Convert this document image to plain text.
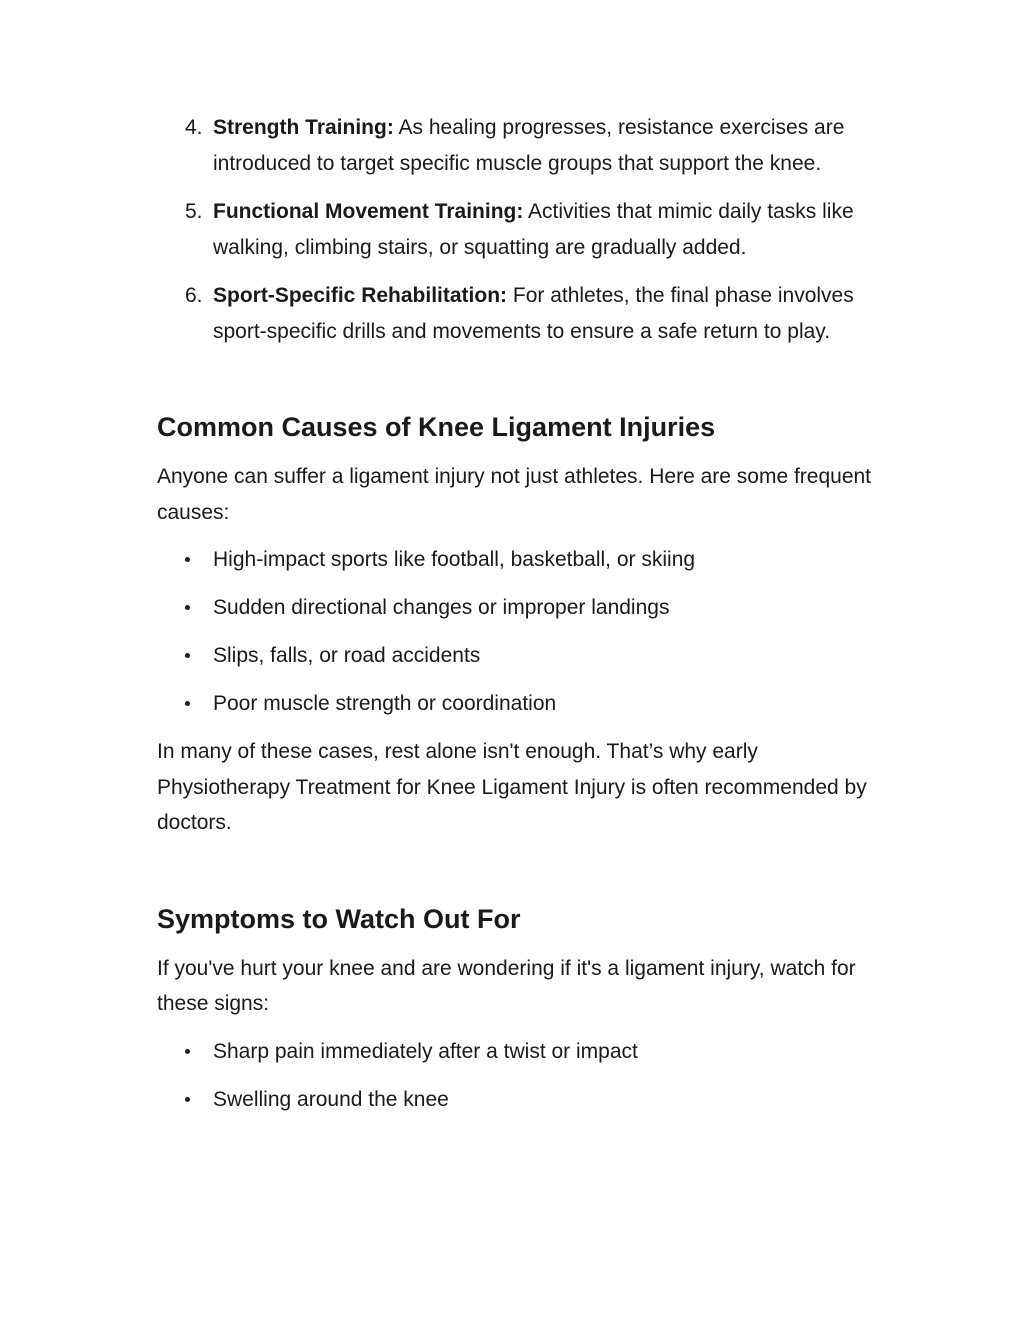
4. Strength Training: As healing progresses, resistance exercises are introduced to target specific muscle groups that support the knee.
5. Functional Movement Training: Activities that mimic daily tasks like walking, climbing stairs, or squatting are gradually added.
6. Sport-Specific Rehabilitation: For athletes, the final phase involves sport-specific drills and movements to ensure a safe return to play.
Common Causes of Knee Ligament Injuries

Anyone can suffer a ligament injury not just athletes. Here are some frequent causes:

High-impact sports like football, basketball, or skiing
Sudden directional changes or improper landings
Slips, falls, or road accidents
Poor muscle strength or coordination

In many of these cases, rest alone isn't enough. That’s why early Physiotherapy Treatment for Knee Ligament Injury is often recommended by doctors.

Symptoms to Watch Out For

If you've hurt your knee and are wondering if it's a ligament injury, watch for these signs:

Sharp pain immediately after a twist or impact
Swelling around the knee
